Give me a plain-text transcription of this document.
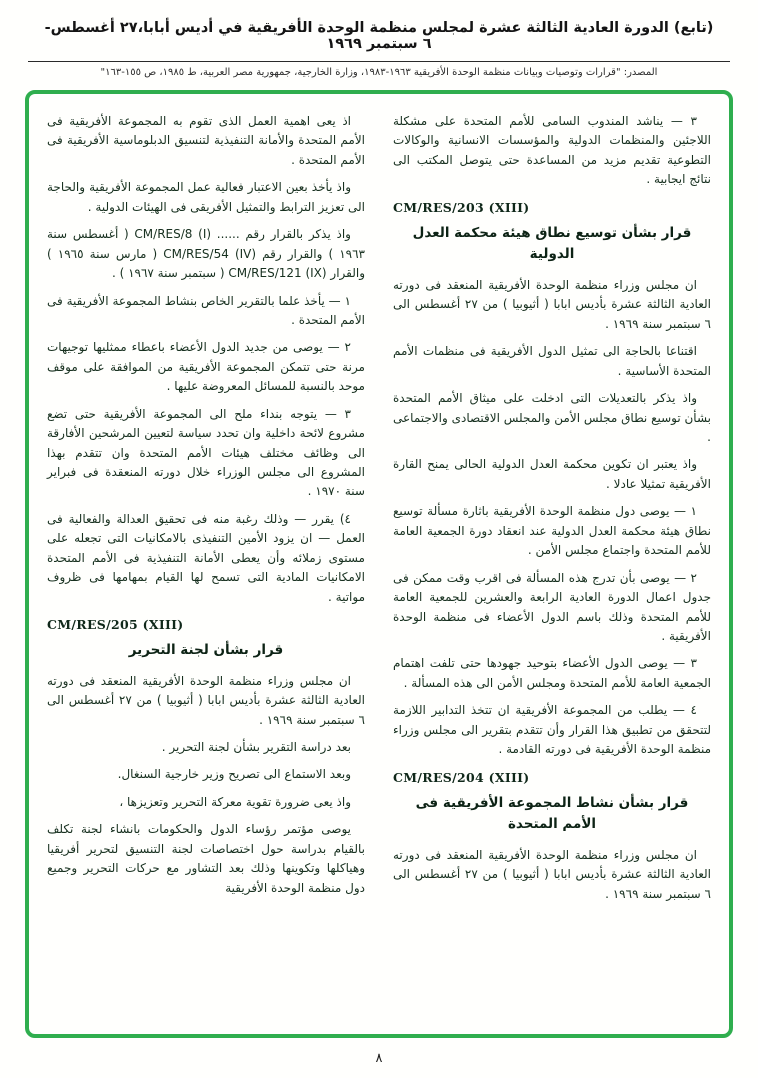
(تابع) الدورة العادية الثالثة عشرة لمجلس منظمة الوحدة الأفريقية في أديس أبابا،٢٧ أغسطس- ٦ سبتمبر ١٩٦٩
المصدر: "قرارات وتوصيات وبيانات منظمة الوحدة الأفريقية ١٩٦٣-١٩٨٣، وزارة الخارجية، جمهورية مصر العربية، ط ١٩٨٥، ص ١٥٥-١٦٣"

٣ — يناشد المندوب السامى للأمم المتحدة على مشكلة اللاجئين والمنظمات الدولية والمؤسسات الانسانية والوكالات التطوعية تقديم مزيد من المساعدة حتى يتوصل المكتب الى نتائج ايجابية .

CM/RES/203 (XIII)
قرار بشأن توسيع نطاق هيئة محكمة العدل الدولية

ان مجلس وزراء منظمة الوحدة الأفريقية المنعقد فى دورته العادية الثالثة عشرة بأديس ابابا ( أثيوبيا ) من ٢٧ أغسطس الى ٦ سبتمبر سنة ١٩٦٩ .

اقتناعا بالحاجة الى تمثيل الدول الأفريقية فى منظمات الأمم المتحدة الأساسية .

واذ يذكر بالتعديلات التى ادخلت على ميثاق الأمم المتحدة بشأن توسيع نطاق مجلس الأمن والمجلس الاقتصادى والاجتماعى .

واذ يعتبر ان تكوين محكمة العدل الدولية الحالى يمنح القارة الأفريقية تمثيلا عادلا .

١ — يوصى دول منظمة الوحدة الأفريقية باثارة مسألة توسيع نطاق هيئة محكمة العدل الدولية عند انعقاد دورة الجمعية العامة للأمم المتحدة واجتماع مجلس الأمن .

٢ — يوصى بأن تدرج هذه المسألة فى اقرب وقت ممكن فى جدول اعمال الدورة العادية الرابعة والعشرين للجمعية العامة للأمم المتحدة وذلك باسم الدول الأعضاء فى منظمة الوحدة الأفريقية .

٣ — يوصى الدول الأعضاء بتوحيد جهودها حتى تلفت اهتمام الجمعية العامة للأمم المتحدة ومجلس الأمن الى هذه المسألة .

٤ — يطلب من المجموعة الأفريقية ان تتخذ التدابير اللازمة لتتحقق من تطبيق هذا القرار وأن تتقدم بتقرير الى مجلس وزراء منظمة الوحدة الأفريقية فى دورته القادمة .

CM/RES/204 (XIII)
قرار بشأن نشاط المجموعة الأفريقية فى الأمم المتحدة

ان مجلس وزراء منظمة الوحدة الأفريقية المنعقد فى دورته العادية الثالثة عشرة بأديس ابابا ( أثيوبيا ) من ٢٧ أغسطس الى ٦ سبتمبر سنة ١٩٦٩ .

اذ يعى اهمية العمل الذى تقوم به المجموعة الأفريقية فى الأمم المتحدة والأمانة التنفيذية لتنسيق الدبلوماسية الأفريقية فى الأمم المتحدة .

واذ يأخذ بعين الاعتبار فعالية عمل المجموعة الأفريقية والحاجة الى تعزيز الترابط والتمثيل الأفريقى فى الهيئات الدولية .

واذ يذكر بالقرار رقم ...... CM/RES/8 (I) ( أغسطس سنة ١٩٦٣ ) والقرار رقم CM/RES/54 (IV) ( مارس سنة ١٩٦٥ ) والقرار CM/RES/121 (IX) ( سبتمبر سنة ١٩٦٧ ) .

١ — يأخذ علما بالتقرير الخاص بنشاط المجموعة الأفريقية فى الأمم المتحدة .

٢ — يوصى من جديد الدول الأعضاء باعطاء ممثليها توجيهات مرنة حتى تتمكن المجموعة الأفريقية من الموافقة على موقف موحد بالنسبة للمسائل المعروضة عليها .

٣ — يتوجه بنداء ملح الى المجموعة الأفريقية حتى تضع مشروع لائحة داخلية وان تحدد سياسة لتعيين المرشحين الأفارقة الى وظائف مختلف هيئات الأمم المتحدة وان تتقدم بهذا المشروع الى مجلس الوزراء خلال دورته المنعقدة فى فبراير سنة ١٩٧٠ .

٤) يقرر — وذلك رغبة منه فى تحقيق العدالة والفعالية فى العمل — ان يزود الأمين التنفيذى بالامكانيات التى تجعله على مستوى زملائه وأن يعطى الأمانة التنفيذية فى الأمم المتحدة الامكانيات المادية التى تسمح لها القيام بمهامها فى ظروف مواتية .

CM/RES/205 (XIII)
قرار بشأن لجنة التحرير

ان مجلس وزراء منظمة الوحدة الأفريقية المنعقد فى دورته العادية الثالثة عشرة بأديس ابابا ( أثيوبيا ) من ٢٧ أغسطس الى ٦ سبتمبر سنة ١٩٦٩ .

بعد دراسة التقرير بشأن لجنة التحرير .

وبعد الاستماع الى تصريح وزير خارجية السنغال.

واذ يعى ضرورة تقوية معركة التحرير وتعزيزها ،

يوصى مؤتمر رؤساء الدول والحكومات بانشاء لجنة تكلف بالقيام بدراسة حول اختصاصات لجنة التنسيق لتحرير أفريقيا وهياكلها وتكوينها وذلك بعد التشاور مع حركات التحرير وجميع دول منظمة الوحدة الأفريقية

٨
